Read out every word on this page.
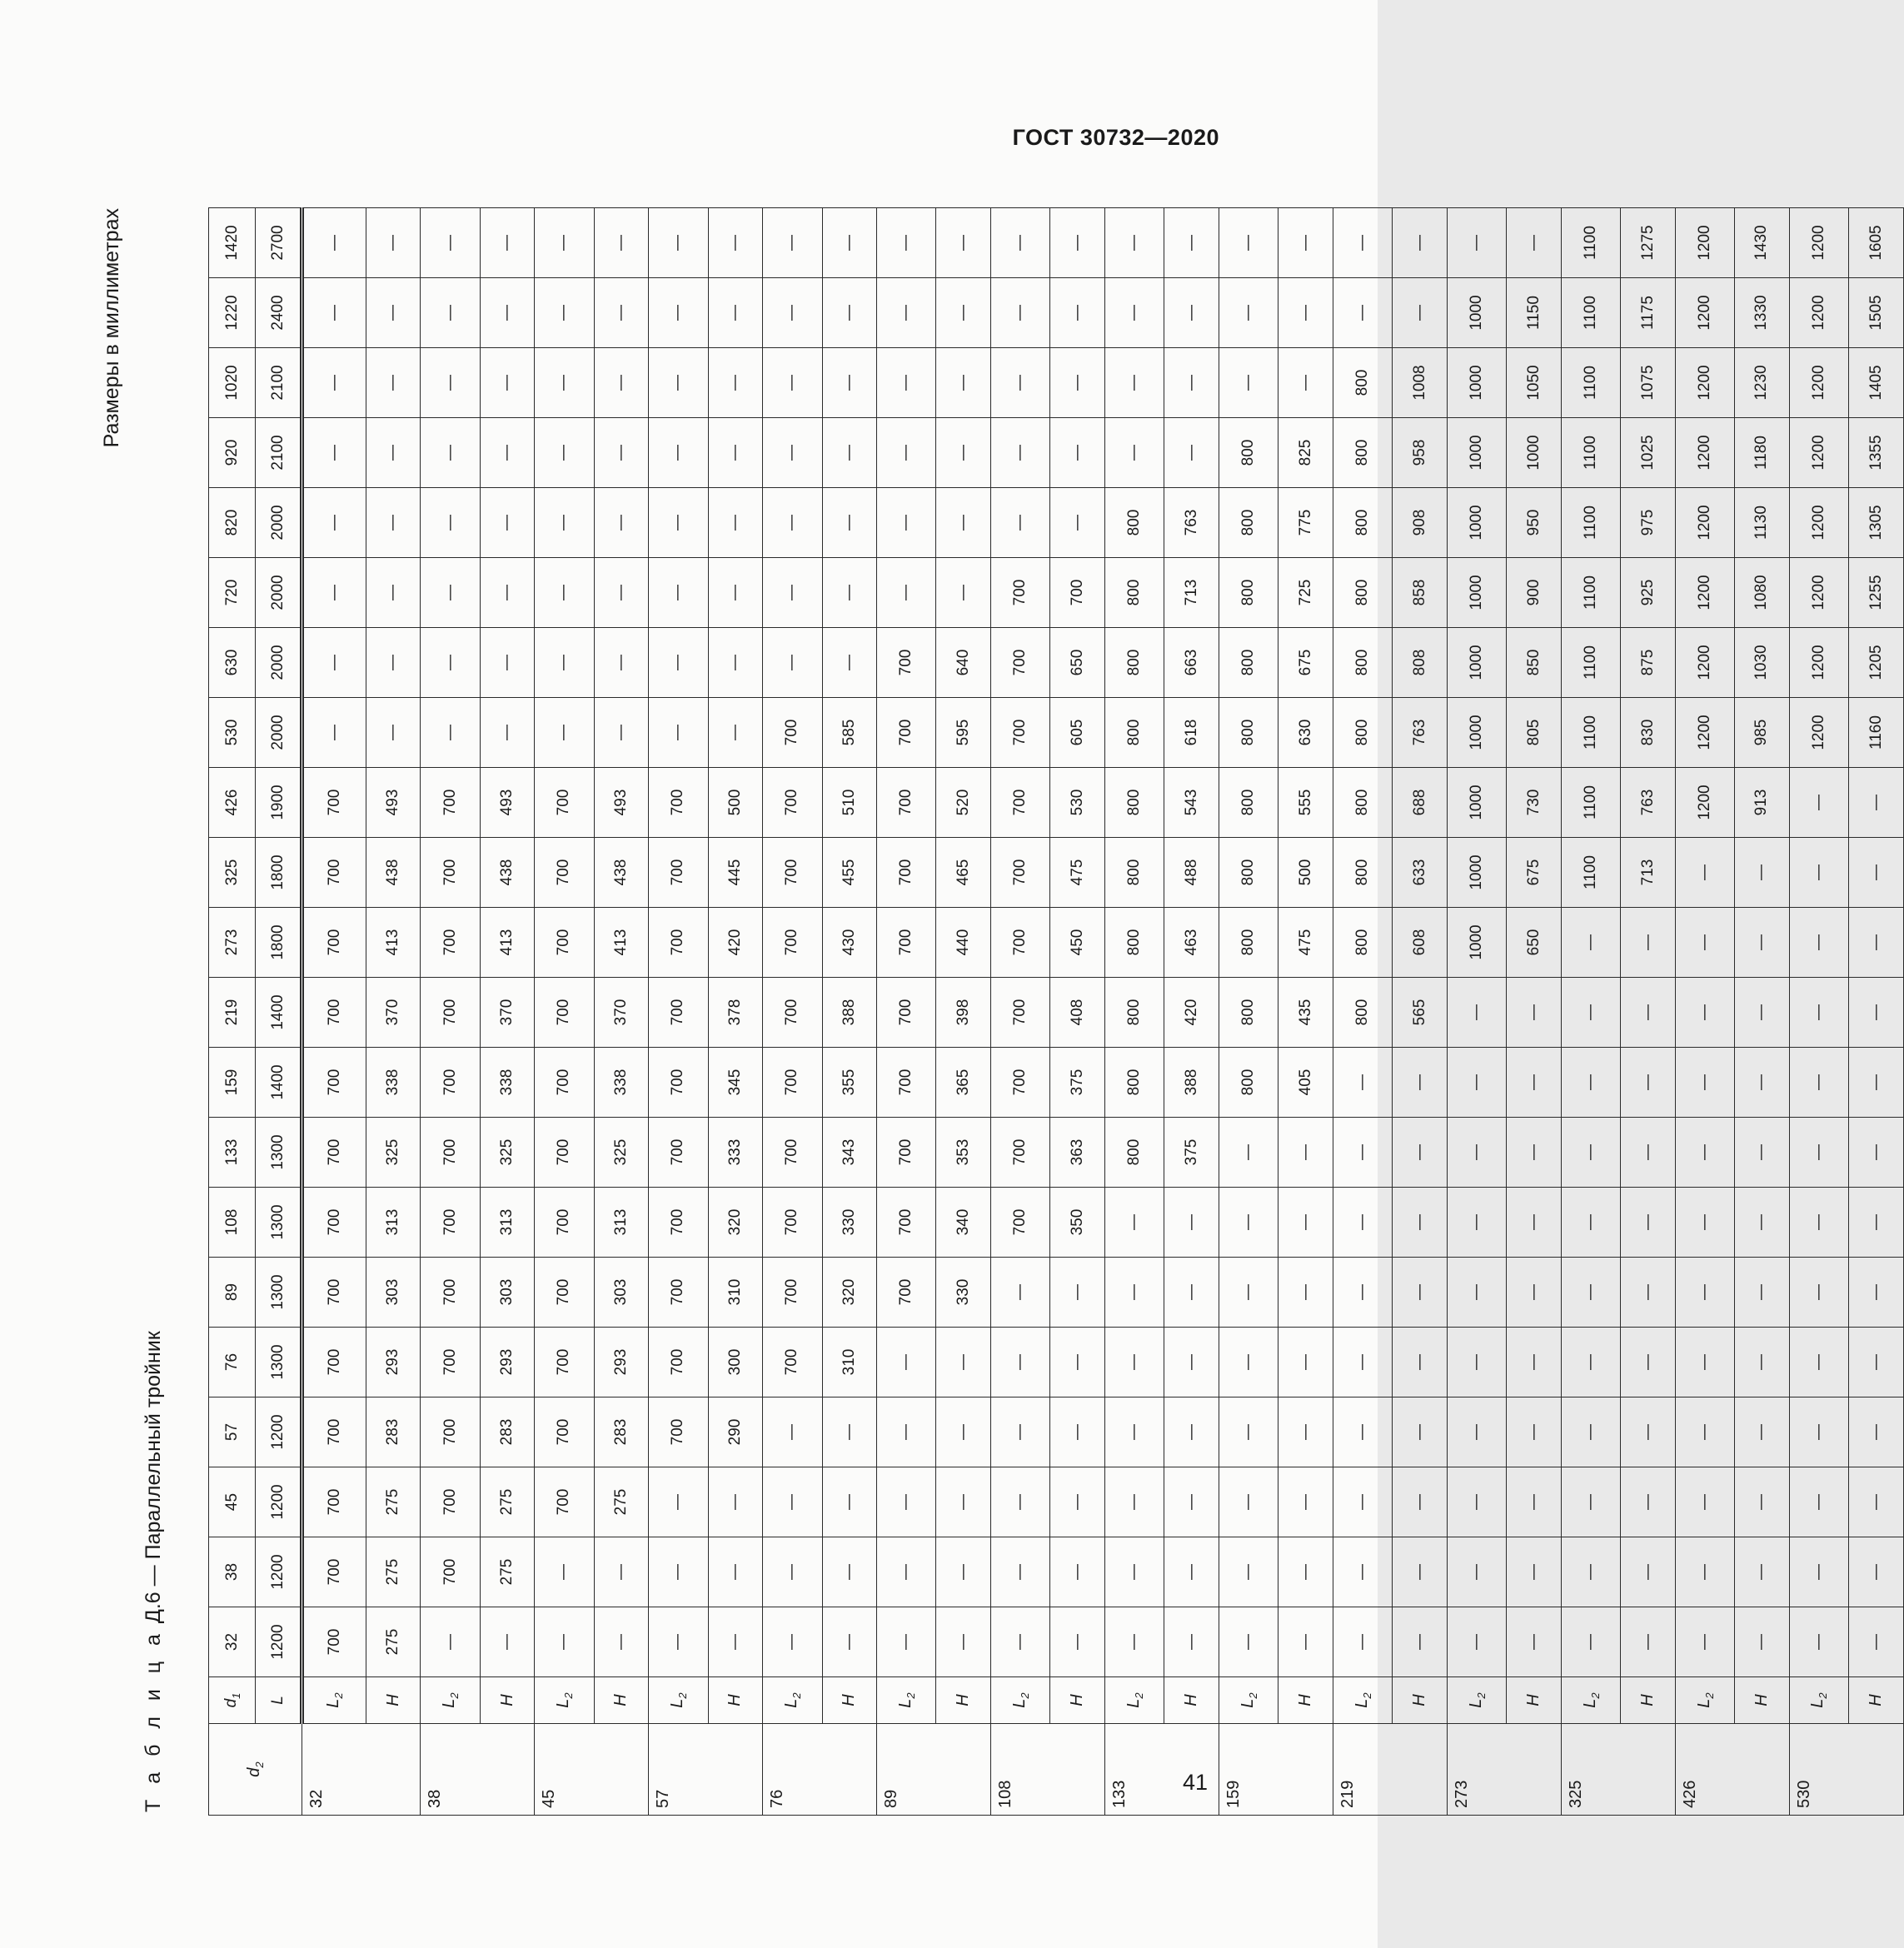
ГОСТ 30732—2020
Т а б л и ц а Д.6 — Параллельный тройник
Размеры в миллиметрах
$d_2$	$d_1$	32	38	45	57	76	89	108	133	159	219	273	325	426	530	630	720	820	920	1020	1220	1420
	L	1200	1200	1200	1200	1300	1300	1300	1300	1400	1400	1800	1800	1900	2000	2000	2000	2000	2100	2100	2400	2700
32	$L_2$	700	700	700	700	700	700	700	700	700	700	700	700	700	—	—	—	—	—	—	—	—
	H	275	275	275	283	293	303	313	325	338	370	413	438	493	—	—	—	—	—	—	—	—
38	$L_2$	—	700	700	700	700	700	700	700	700	700	700	700	700	—	—	—	—	—	—	—	—
	H	—	275	275	283	293	303	313	325	338	370	413	438	493	—	—	—	—	—	—	—	—
45	$L_2$	—	—	700	700	700	700	700	700	700	700	700	700	700	—	—	—	—	—	—	—	—
	H	—	—	275	283	293	303	313	325	338	370	413	438	493	—	—	—	—	—	—	—	—
57	$L_2$	—	—	—	700	700	700	700	700	700	700	700	700	700	—	—	—	—	—	—	—	—
	H	—	—	—	290	300	310	320	333	345	378	420	445	500	—	—	—	—	—	—	—	—
76	$L_2$	—	—	—	—	700	700	700	700	700	700	700	700	700	700	—	—	—	—	—	—	—
	H	—	—	—	—	310	320	330	343	355	388	430	455	510	585	—	—	—	—	—	—	—
89	$L_2$	—	—	—	—	—	700	700	700	700	700	700	700	700	700	700	—	—	—	—	—	—
	H	—	—	—	—	—	330	340	353	365	398	440	465	520	595	640	—	—	—	—	—	—
108	$L_2$	—	—	—	—	—	—	700	700	700	700	700	700	700	700	700	700	—	—	—	—	—
	H	—	—	—	—	—	—	350	363	375	408	450	475	530	605	650	700	—	—	—	—	—
133	$L_2$	—	—	—	—	—	—	—	800	800	800	800	800	800	800	800	800	800	—	—	—	—
	H	—	—	—	—	—	—	—	375	388	420	463	488	543	618	663	713	763	—	—	—	—
159	$L_2$	—	—	—	—	—	—	—	—	800	800	800	800	800	800	800	800	800	800	—	—	—
	H	—	—	—	—	—	—	—	—	405	435	475	500	555	630	675	725	775	825	—	—	—
219	$L_2$	—	—	—	—	—	—	—	—	—	800	800	800	800	800	800	800	800	800	800	—	—
	H	—	—	—	—	—	—	—	—	—	565	608	633	688	763	808	858	908	958	1008	—	—
273	$L_2$	—	—	—	—	—	—	—	—	—	—	1000	1000	1000	1000	1000	1000	1000	1000	1000	1000	—
	H	—	—	—	—	—	—	—	—	—	—	650	675	730	805	850	900	950	1000	1050	1150	—
325	$L_2$	—	—	—	—	—	—	—	—	—	—	—	1100	1100	1100	1100	1100	1100	1100	1100	1100	1100
	H	—	—	—	—	—	—	—	—	—	—	—	713	763	830	875	925	975	1025	1075	1175	1275
426	$L_2$	—	—	—	—	—	—	—	—	—	—	—	—	1200	1200	1200	1200	1200	1200	1200	1200	1200
	H	—	—	—	—	—	—	—	—	—	—	—	—	913	985	1030	1080	1130	1180	1230	1330	1430
530	$L_2$	—	—	—	—	—	—	—	—	—	—	—	—	—	1200	1200	1200	1200	1200	1200	1200	1200
	H	—	—	—	—	—	—	—	—	—	—	—	—	—	1160	1205	1255	1305	1355	1405	1505	1605
41
